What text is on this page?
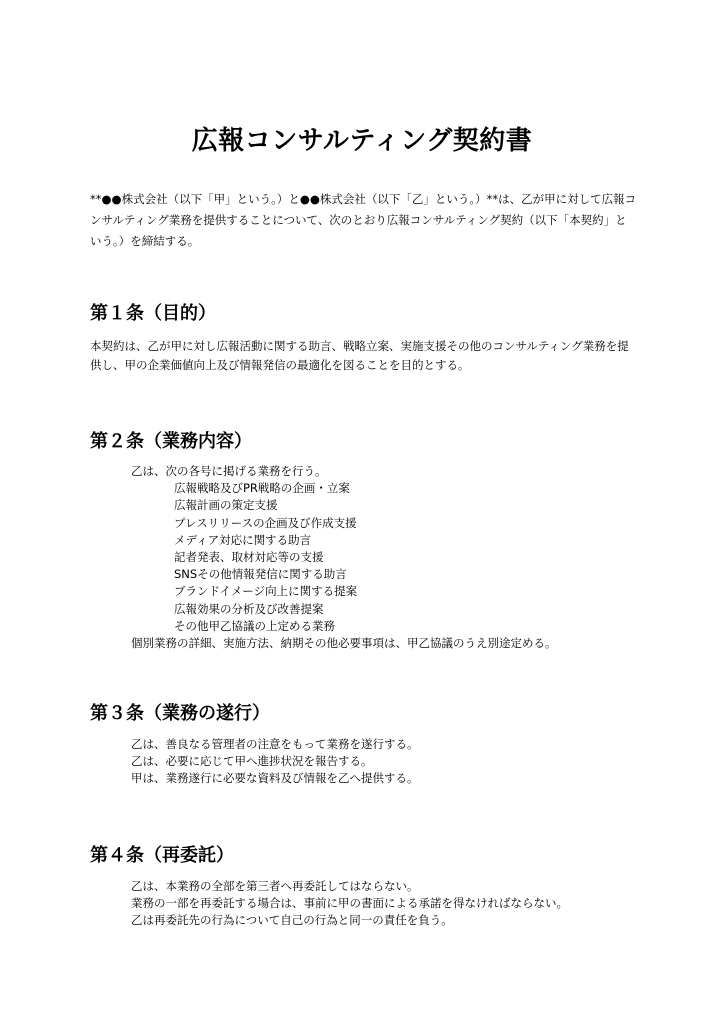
広報コンサルティング契約書

**●●株式会社（以下「甲」という。）と●●株式会社（以下「乙」という。）**は、乙が甲に対して広報コンサルティング業務を提供することについて、次のとおり広報コンサルティング契約（以下「本契約」という。）を締結する。

第１条（目的）

本契約は、乙が甲に対し広報活動に関する助言、戦略立案、実施支援その他のコンサルティング業務を提供し、甲の企業価値向上及び情報発信の最適化を図ることを目的とする。

第２条（業務内容）
乙は、次の各号に掲げる業務を行う。
広報戦略及びPR戦略の企画・立案
広報計画の策定支援
プレスリリースの企画及び作成支援
メディア対応に関する助言
記者発表、取材対応等の支援
SNSその他情報発信に関する助言
ブランドイメージ向上に関する提案
広報効果の分析及び改善提案
その他甲乙協議の上定める業務
個別業務の詳細、実施方法、納期その他必要事項は、甲乙協議のうえ別途定める。
第３条（業務の遂行）
乙は、善良なる管理者の注意をもって業務を遂行する。
乙は、必要に応じて甲へ進捗状況を報告する。
甲は、業務遂行に必要な資料及び情報を乙へ提供する。
第４条（再委託）
乙は、本業務の全部を第三者へ再委託してはならない。
業務の一部を再委託する場合は、事前に甲の書面による承諾を得なければならない。
乙は再委託先の行為について自己の行為と同一の責任を負う。
